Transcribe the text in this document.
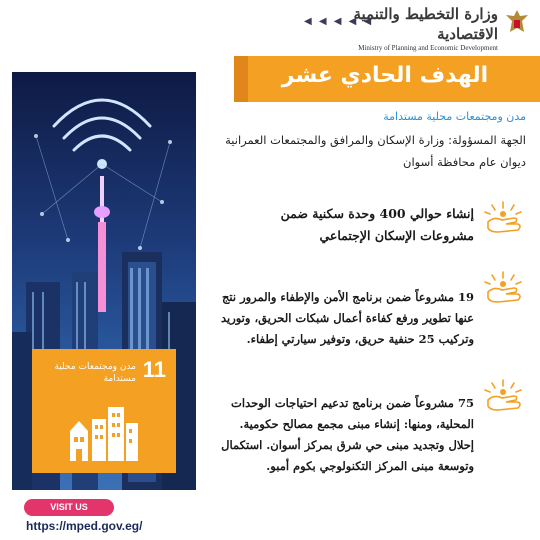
◀ ◀ ◀ ◀ ◀
وزارة التخطيط والتنمية الاقتصادية
Ministry of Planning and Economic Development
11
مدن ومجتمعات محلية مستدامة
الهدف الحادي عشر
مدن ومجتمعات محلية مستدامة
الجهة المسؤولة: وزارة الإسكان والمرافق والمجتمعات العمرانية
ديوان عام محافظة أسوان
إنشاء حوالي 400 وحدة سكنية ضمن مشروعات الإسكان الإجتماعي
19 مشروعاً ضمن برنامج الأمن والإطفاء والمرور نتج عنها تطوير ورفع كفاءة أعمال شبكات الحريق، وتوريد وتركيب 25 حنفية حريق، وتوفير سيارتي إطفاء.
75 مشروعاً ضمن برنامج تدعيم احتياجات الوحدات المحلية، ومنها: إنشاء مبنى مجمع مصالح حكومية. إحلال وتجديد مبنى حي شرق بمركز أسوان. استكمال وتوسعة مبنى المركز التكنولوجي بكوم أمبو.
VISIT US
https://mped.gov.eg/
